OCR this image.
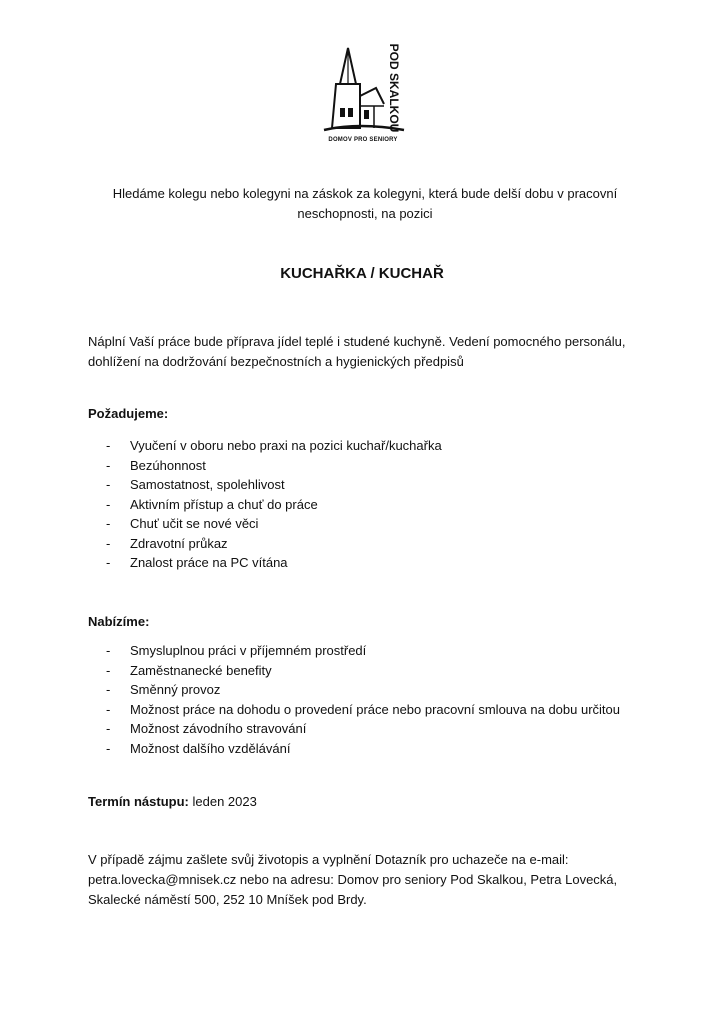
POD SKALKOU
DOMOV PRO SENIORY

Hledáme kolegu nebo kolegyni na záskok za kolegyni, která bude delší dobu v pracovní neschopnosti, na pozici

KUCHAŘKA / KUCHAŘ

Náplní Vaší práce bude příprava jídel teplé i studené kuchyně. Vedení pomocného personálu, dohlížení na dodržování bezpečnostních a hygienických předpisů

Požadujeme:

- Vyučení v oboru nebo praxi na pozici kuchař/kuchařka
- Bezúhonnost
- Samostatnost, spolehlivost
- Aktivním přístup a chuť do práce
- Chuť učit se nové věci
- Zdravotní průkaz
- Znalost práce na PC vítána

Nabízíme:

- Smysluplnou práci v příjemném prostředí
- Zaměstnanecké benefity
- Směnný provoz
- Možnost práce na dohodu o provedení práce nebo pracovní smlouva na dobu určitou
- Možnost závodního stravování
- Možnost dalšího vzdělávání

Termín nástupu: leden 2023

V případě zájmu zašlete svůj životopis a vyplnění Dotazník pro uchazeče na e-mail: petra.lovecka@mnisek.cz nebo na adresu: Domov pro seniory Pod Skalkou, Petra Lovecká, Skalecké náměstí 500, 252 10 Mníšek pod Brdy.
